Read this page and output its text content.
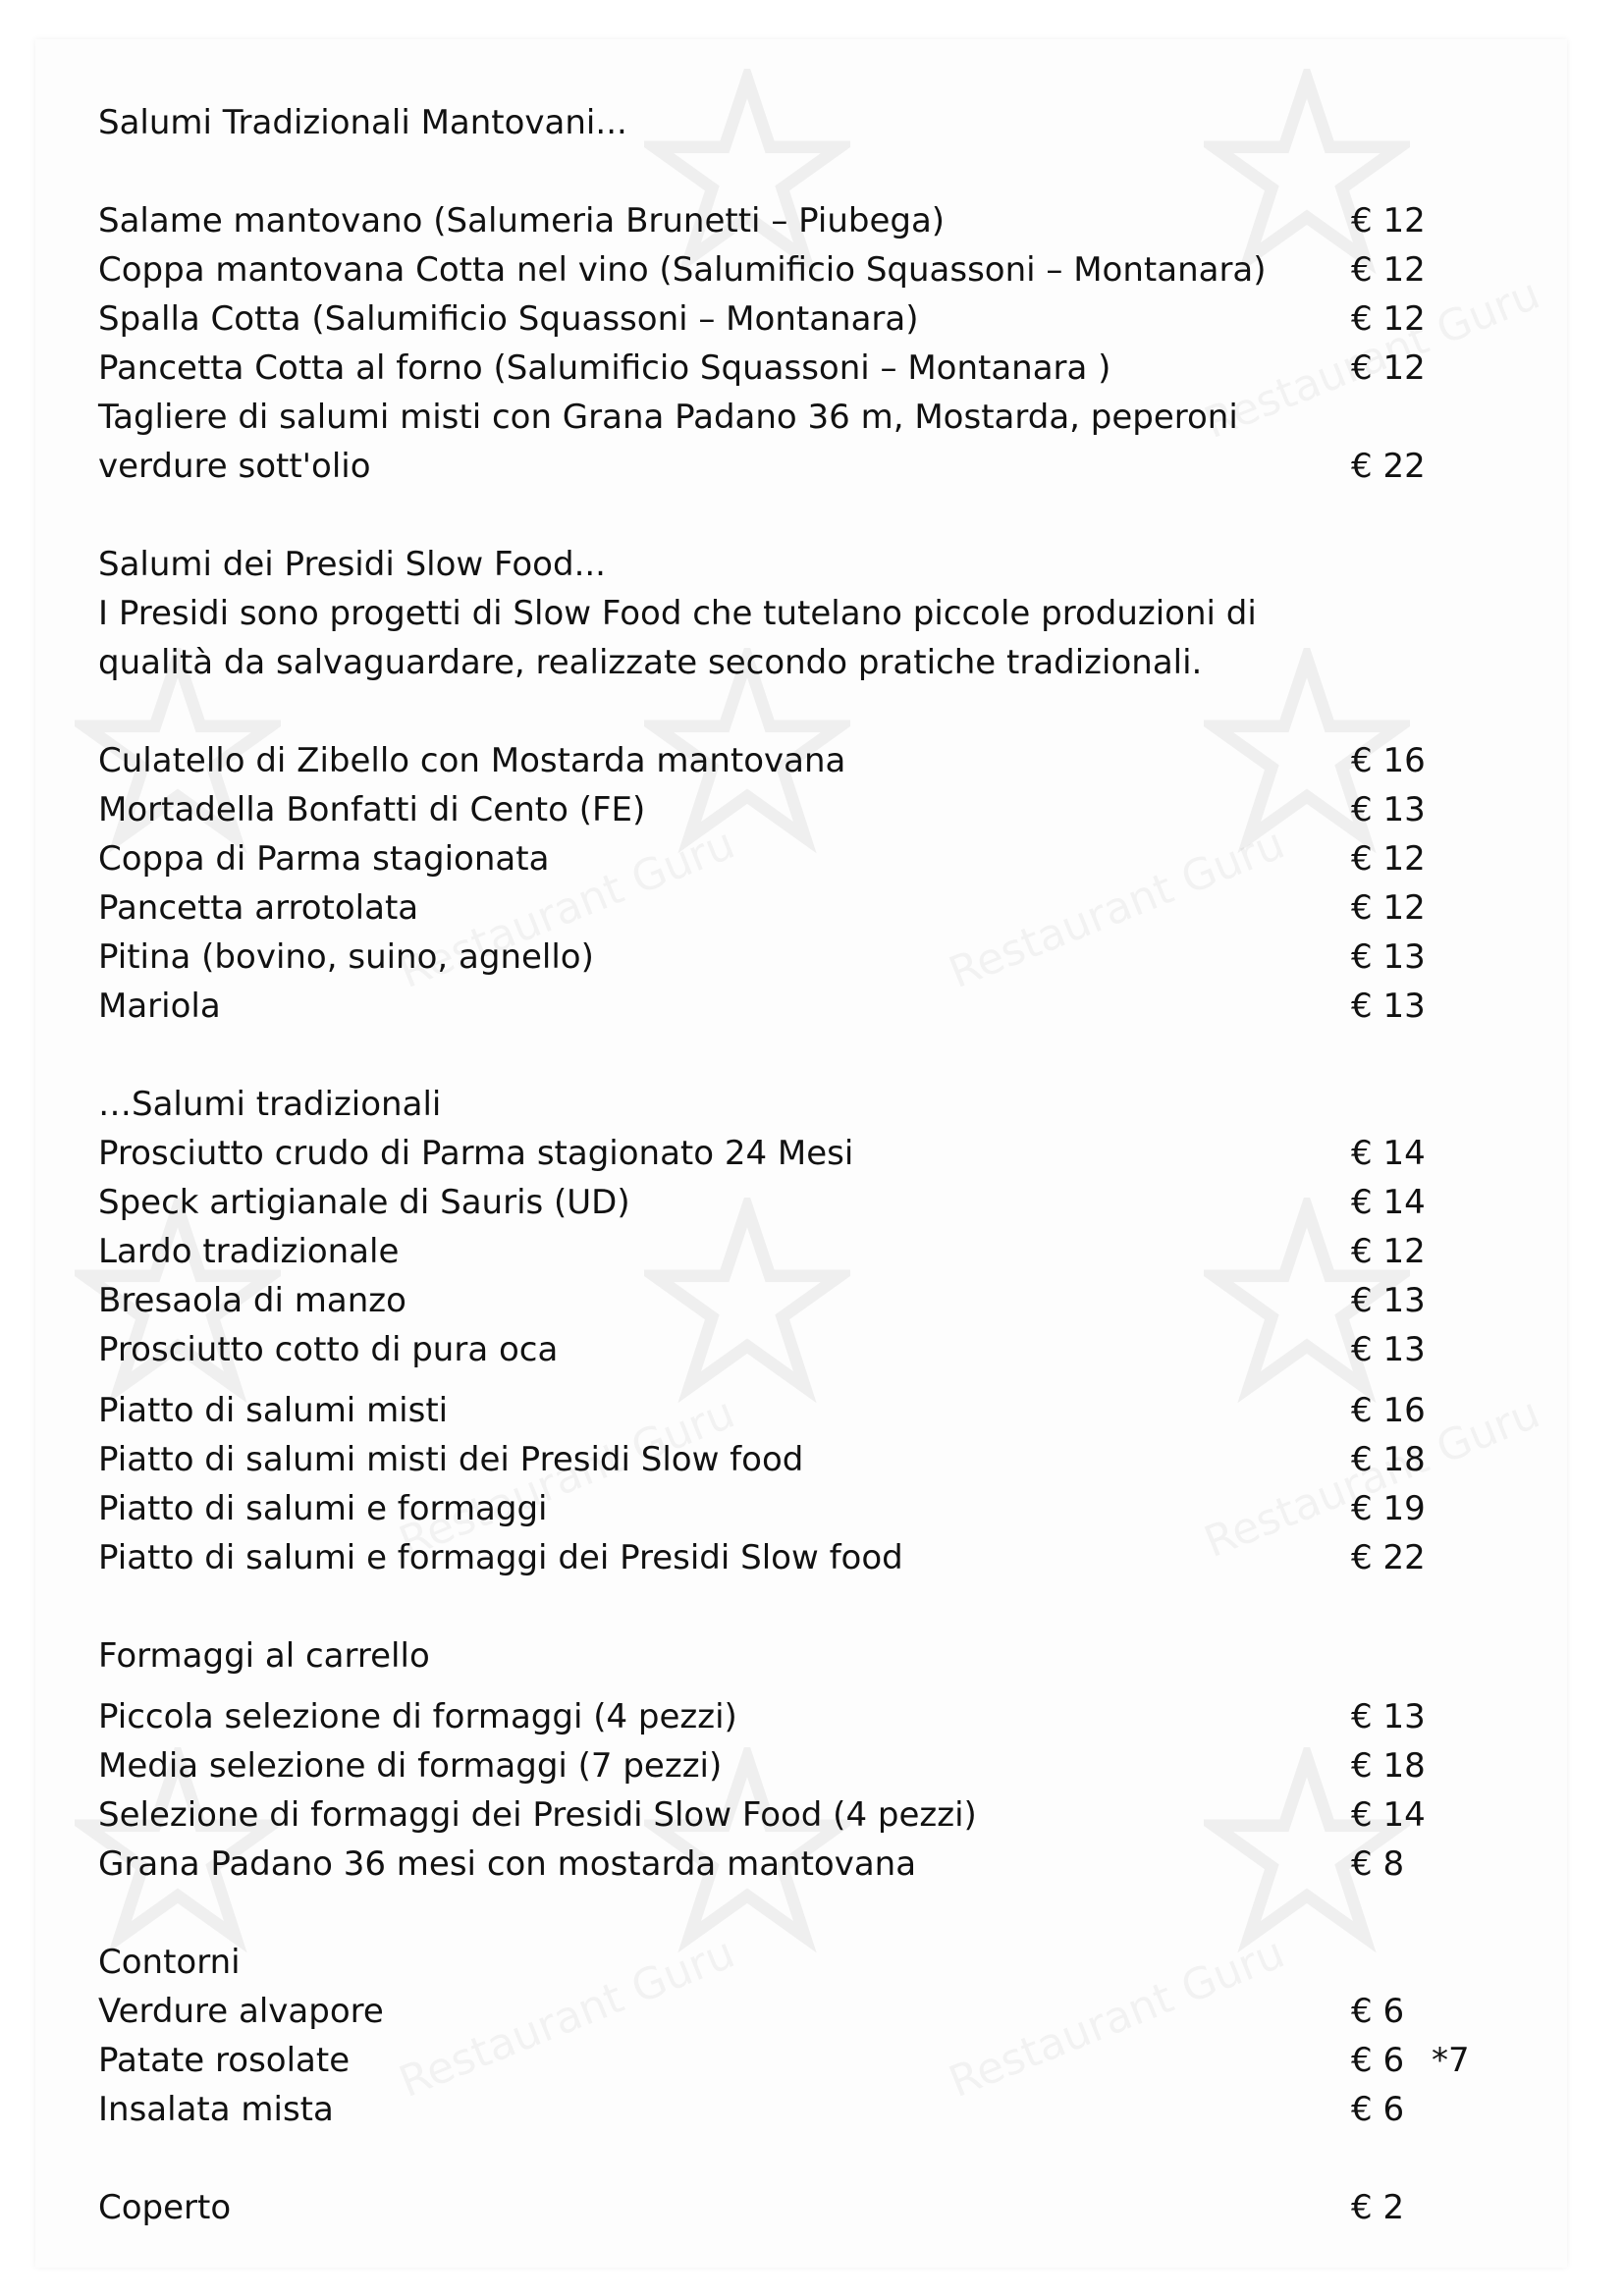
Salumi Tradizionali Mantovani...
Salame mantovano (Salumeria Brunetti – Piubega)	€ 12
Coppa mantovana Cotta nel vino (Salumificio Squassoni – Montanara)	€ 12
Spalla Cotta (Salumificio Squassoni – Montanara)	€ 12
Pancetta Cotta al forno (Salumificio Squassoni – Montanara )	€ 12
Tagliere di salumi misti con Grana Padano 36 m, Mostarda, peperoni
verdure sott'olio	€ 22
Salumi dei Presidi Slow Food...
I Presidi sono progetti di Slow Food che tutelano piccole produzioni di
qualità da salvaguardare, realizzate secondo pratiche tradizionali.
Culatello di Zibello con Mostarda mantovana	€ 16
Mortadella Bonfatti di Cento (FE)	€ 13
Coppa di Parma stagionata	€ 12
Pancetta arrotolata	€ 12
Pitina (bovino, suino, agnello)	€ 13
Mariola	€ 13
…Salumi tradizionali
Prosciutto crudo di Parma stagionato 24 Mesi	€ 14
Speck artigianale di Sauris (UD)	€ 14
Lardo tradizionale	€ 12
Bresaola di manzo	€ 13
Prosciutto cotto di pura oca	€ 13
Piatto di salumi misti	€ 16
Piatto di salumi misti dei Presidi Slow food	€ 18
Piatto di salumi e formaggi	€ 19
Piatto di salumi e formaggi dei Presidi Slow food	€ 22
Formaggi al carrello
Piccola selezione di formaggi (4 pezzi)	€ 13
Media selezione di formaggi (7 pezzi)	€ 18
Selezione di formaggi dei Presidi Slow Food (4 pezzi)	€ 14
Grana Padano 36 mesi con mostarda mantovana	€ 8
Contorni
Verdure alvapore	€ 6
Patate rosolate	€ 6 *7
Insalata mista	€ 6
Coperto	€ 2
